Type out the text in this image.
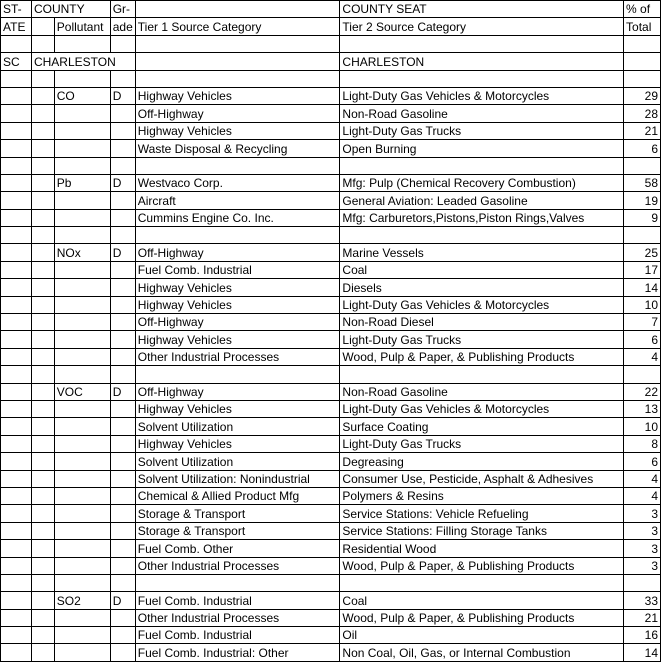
ST-	COUNTY		Gr-		COUNTY SEAT	% of
ATE		Pollutant	ade	Tier 1 Source Category	Tier 2 Source Category	Total

SC	CHARLESTON				CHARLESTON	

		CO	D	Highway Vehicles	Light-Duty Gas Vehicles & Motorcycles	29
				Off-Highway	Non-Road Gasoline	28
				Highway Vehicles	Light-Duty Gas Trucks	21
				Waste Disposal & Recycling	Open Burning	6

		Pb	D	Westvaco Corp.	Mfg: Pulp (Chemical Recovery Combustion)	58
				Aircraft	General Aviation: Leaded Gasoline	19
				Cummins Engine Co. Inc.	Mfg: Carburetors,Pistons,Piston Rings,Valves	9

		NOx	D	Off-Highway	Marine Vessels	25
				Fuel Comb. Industrial	Coal	17
				Highway Vehicles	Diesels	14
				Highway Vehicles	Light-Duty Gas Vehicles & Motorcycles	10
				Off-Highway	Non-Road Diesel	7
				Highway Vehicles	Light-Duty Gas Trucks	6
				Other Industrial Processes	Wood, Pulp & Paper, & Publishing Products	4

		VOC	D	Off-Highway	Non-Road Gasoline	22
				Highway Vehicles	Light-Duty Gas Vehicles & Motorcycles	13
				Solvent Utilization	Surface Coating	10
				Highway Vehicles	Light-Duty Gas Trucks	8
				Solvent Utilization	Degreasing	6
				Solvent Utilization: Nonindustrial	Consumer Use, Pesticide, Asphalt & Adhesives	4
				Chemical & Allied Product Mfg	Polymers & Resins	4
				Storage & Transport	Service Stations: Vehicle Refueling	3
				Storage & Transport	Service Stations: Filling Storage Tanks	3
				Fuel Comb. Other	Residential Wood	3
				Other Industrial Processes	Wood, Pulp & Paper, & Publishing Products	3

		SO2	D	Fuel Comb. Industrial	Coal	33
				Other Industrial Processes	Wood, Pulp & Paper, & Publishing Products	21
				Fuel Comb. Industrial	Oil	16
				Fuel Comb. Industrial: Other	Non Coal, Oil, Gas, or Internal Combustion	14
